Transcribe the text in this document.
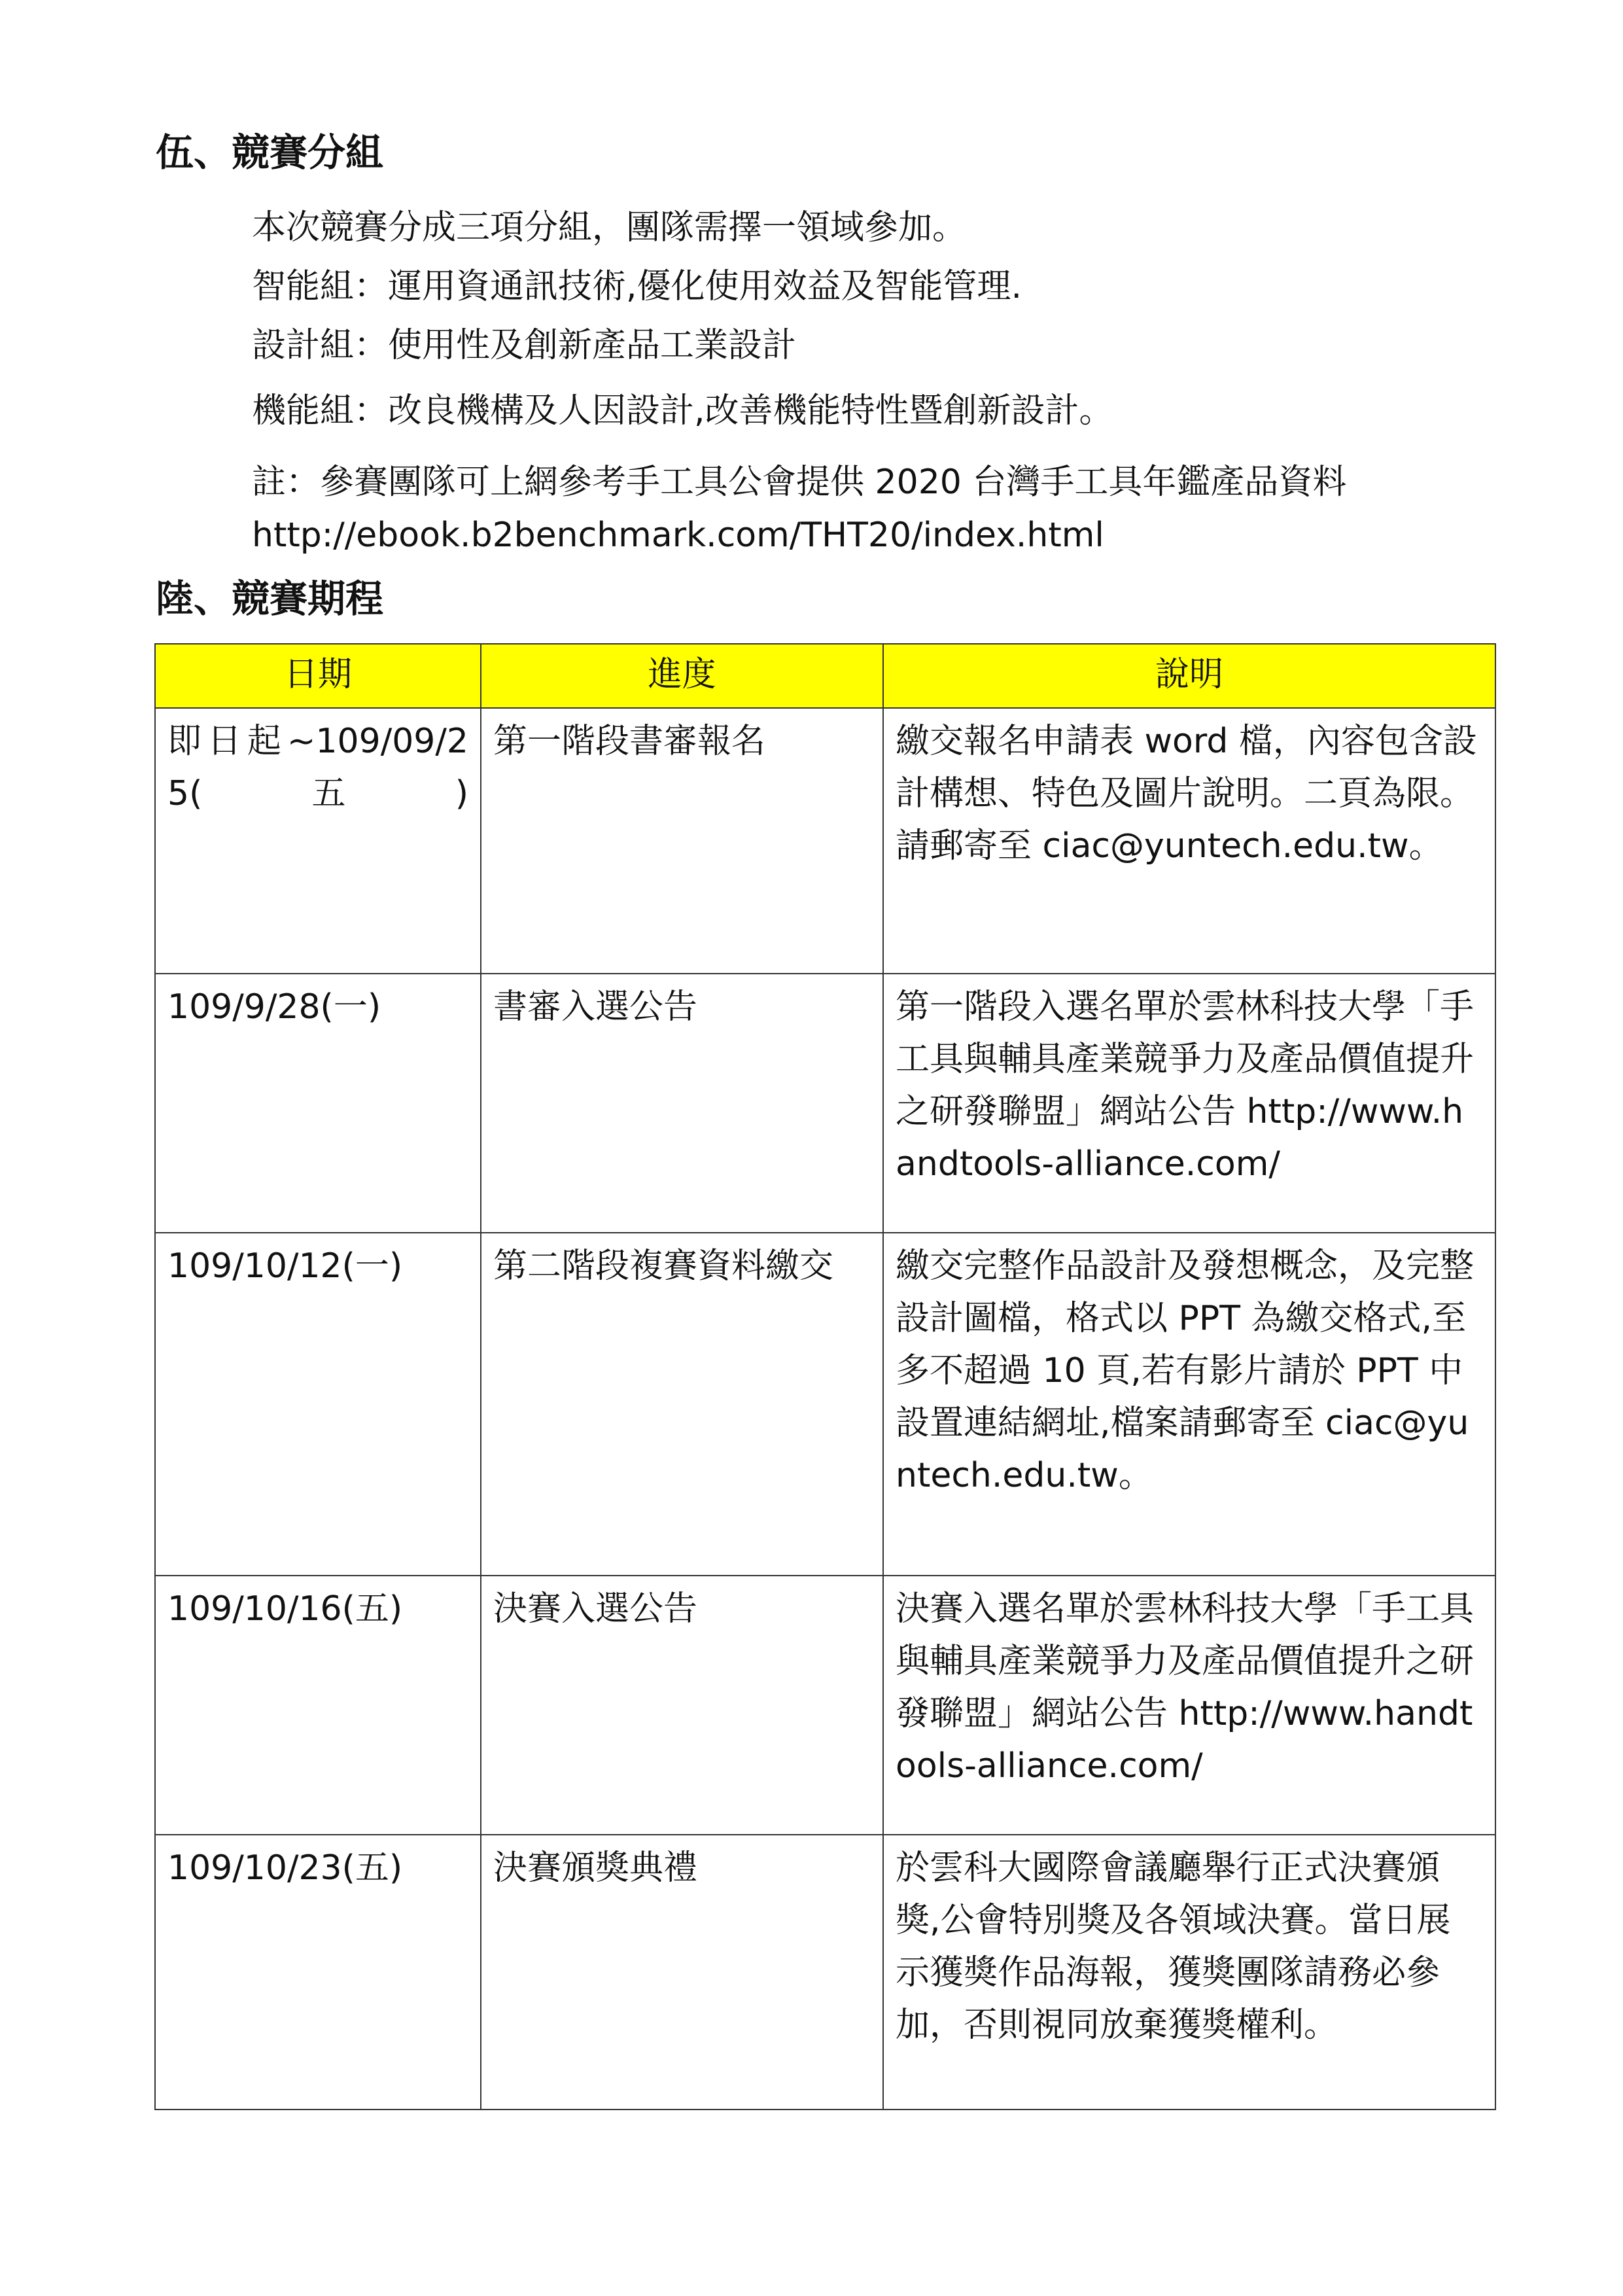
伍、競賽分組
本次競賽分成三項分組，團隊需擇一領域參加。
智能組：運用資通訊技術,優化使用效益及智能管理.
設計組：使用性及創新產品工業設計
機能組：改良機構及人因設計,改善機能特性暨創新設計。
註：參賽團隊可上網參考手工具公會提供 2020 台灣手工具年鑑產品資料
http://ebook.b2benchmark.com/THT20/index.html
陸、競賽期程
日期	進度	說明
即日起~109/09/25(五)	第一階段書審報名	繳交報名申請表 word 檔，內容包含設計構想、特色及圖片說明。二頁為限。請郵寄至 ciac@yuntech.edu.tw。
109/9/28(一)	書審入選公告	第一階段入選名單於雲林科技大學「手工具與輔具產業競爭力及產品價值提升之研發聯盟」網站公告 http://www.handtools-alliance.com/
109/10/12(一)	第二階段複賽資料繳交	繳交完整作品設計及發想概念，及完整設計圖檔，格式以 PPT 為繳交格式,至多不超過 10 頁,若有影片請於 PPT 中設置連結網址,檔案請郵寄至 ciac@yuntech.edu.tw。
109/10/16(五)	決賽入選公告	決賽入選名單於雲林科技大學「手工具與輔具產業競爭力及產品價值提升之研發聯盟」網站公告 http://www.handtools-alliance.com/
109/10/23(五)	決賽頒獎典禮	於雲科大國際會議廳舉行正式決賽頒獎,公會特別獎及各領域決賽。當日展示獲獎作品海報，獲獎團隊請務必參加，否則視同放棄獲獎權利。
